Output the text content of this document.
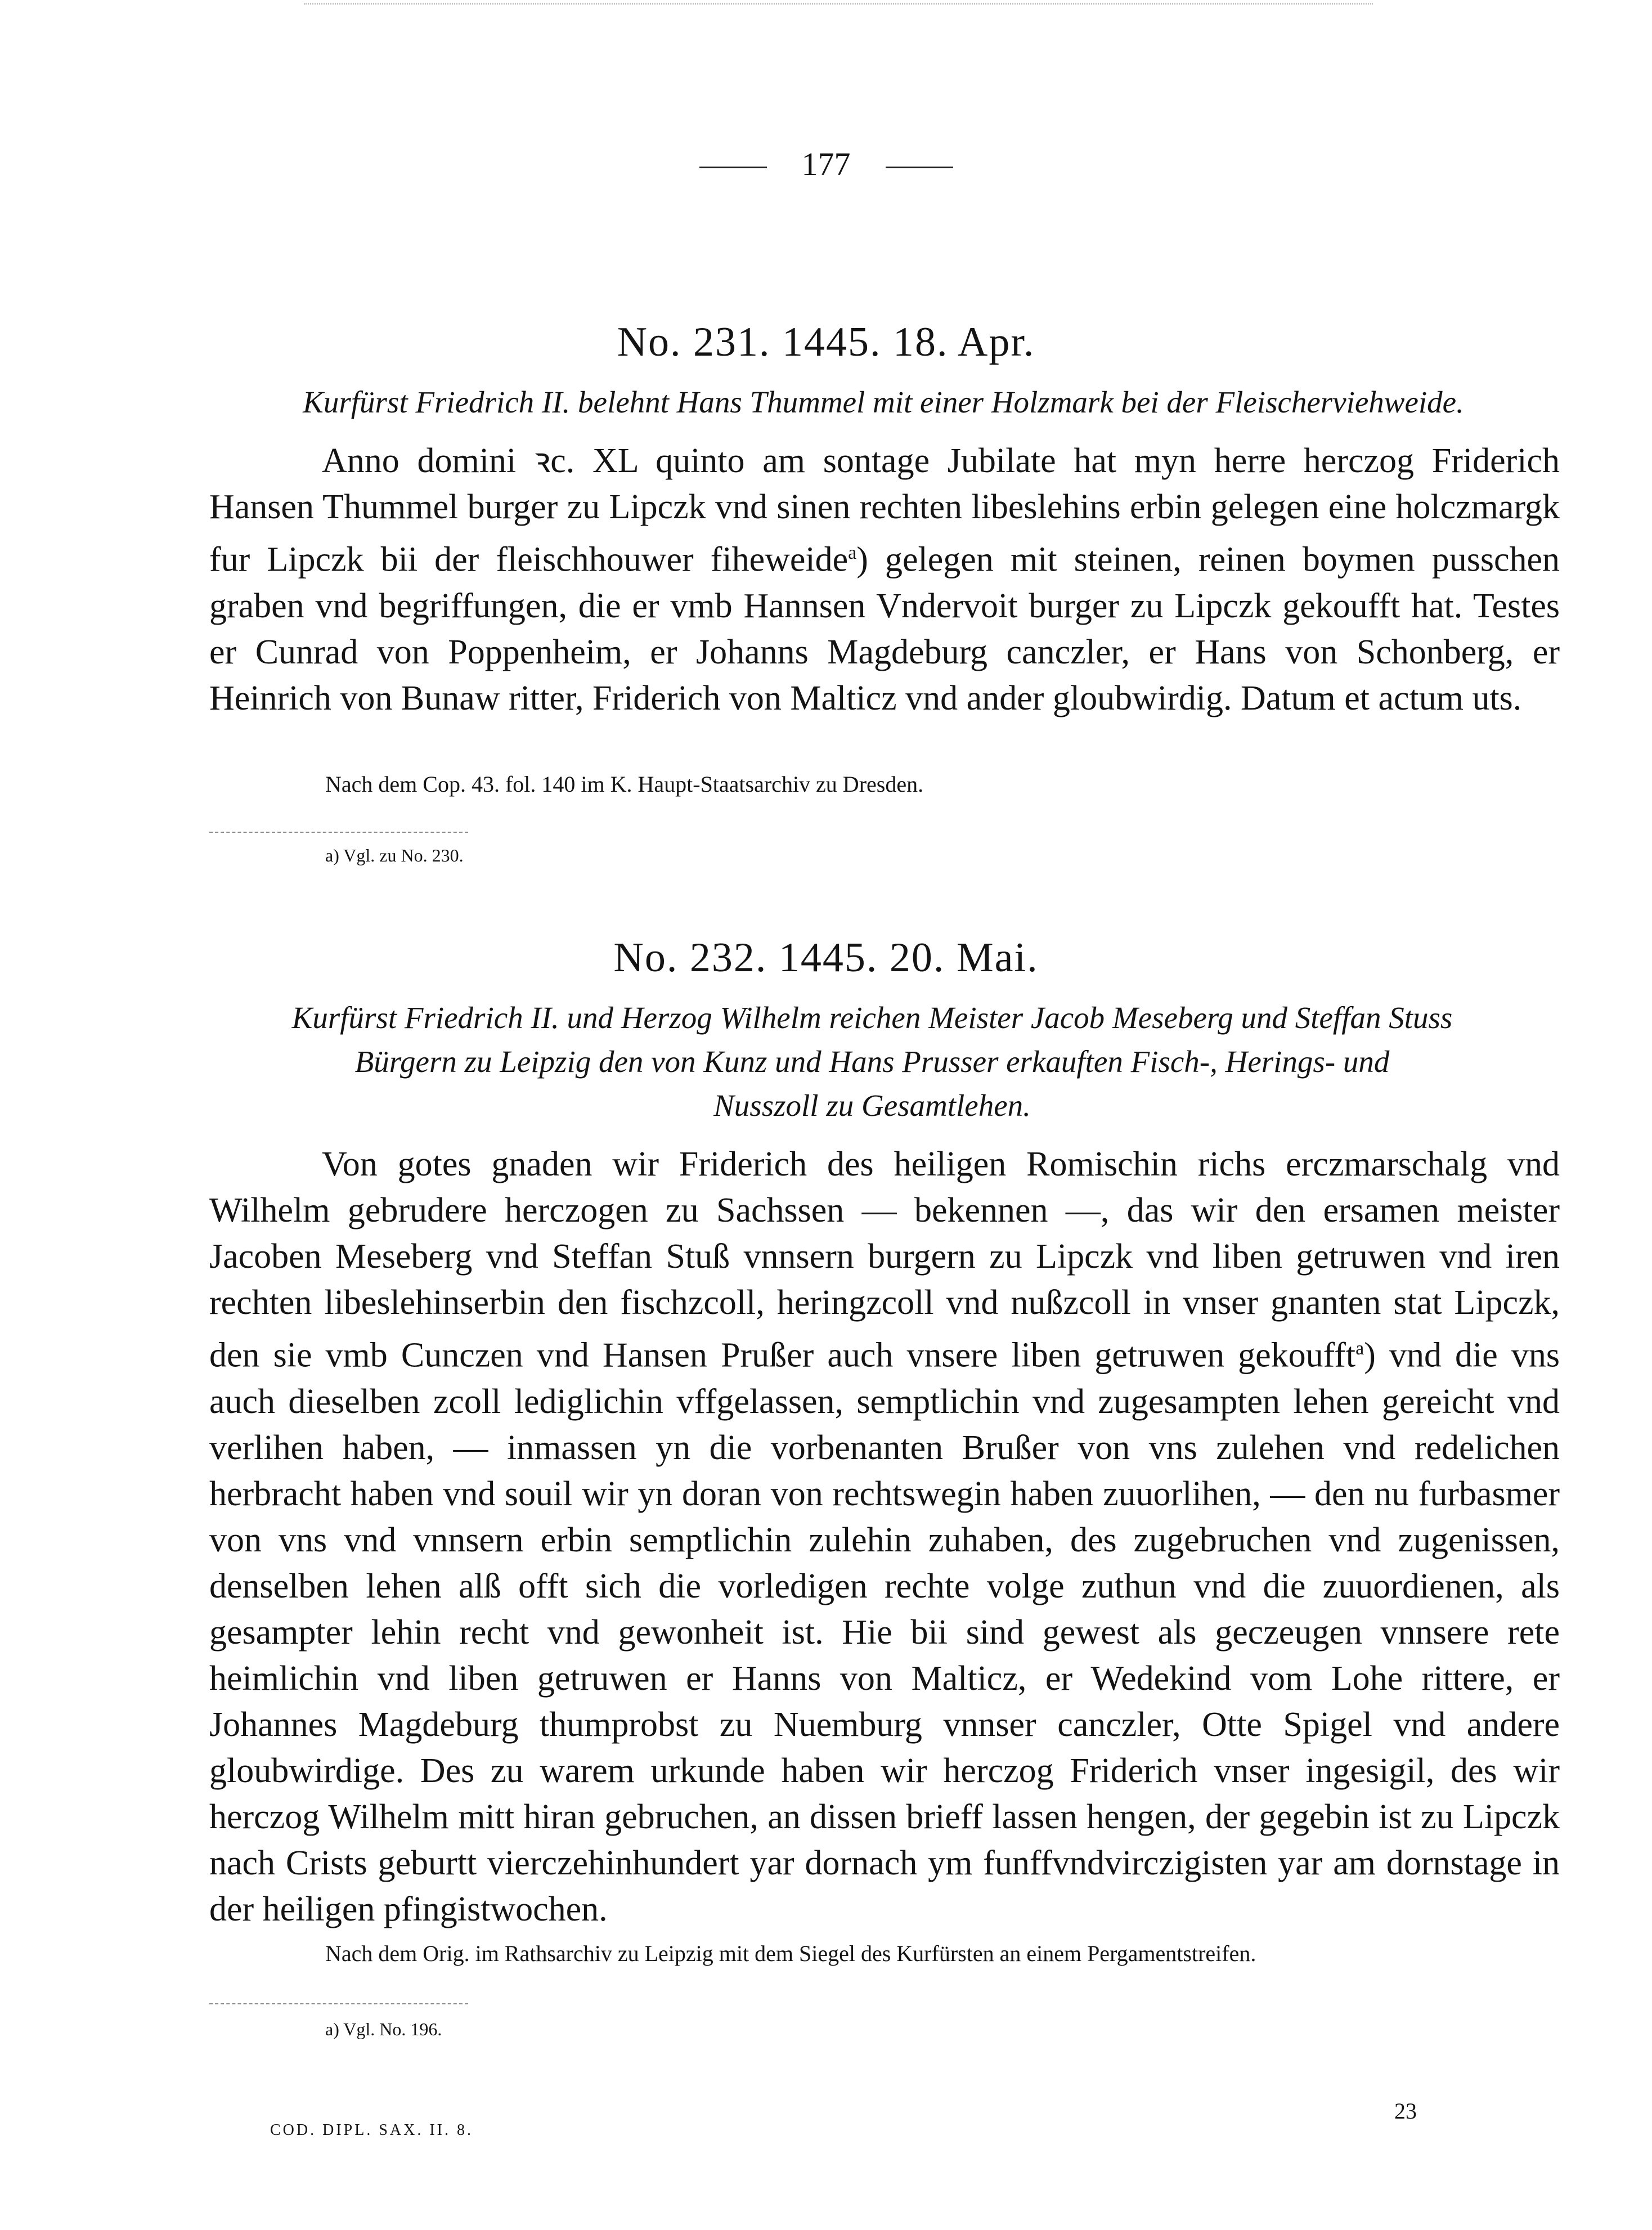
177
No. 231. 1445. 18. Apr.
Kurfürst Friedrich II. belehnt Hans Thummel mit einer Holzmark bei der Fleischerviehweide.
Anno domini ꝛc. XL quinto am sontage Jubilate hat myn herre herczog Friderich Hansen Thummel burger zu Lipczk vnd sinen rechten libeslehins erbin gelegen eine holczmargk fur Lipczk bii der fleischhouwer fiheweide$^a$) gelegen mit steinen, reinen boymen pusschen graben vnd begriffungen, die er vmb Hannsen Vndervoit burger zu Lipczk gekoufft hat. Testes er Cunrad von Poppenheim, er Johanns Magdeburg canczler, er Hans von Schonberg, er Heinrich von Bunaw ritter, Friderich von Malticz vnd ander gloubwirdig. Datum et actum uts.
Nach dem Cop. 43. fol. 140 im K. Haupt-Staatsarchiv zu Dresden.
a) Vgl. zu No. 230.
No. 232. 1445. 20. Mai.
Kurfürst Friedrich II. und Herzog Wilhelm reichen Meister Jacob Meseberg und Steffan Stuss
Bürgern zu Leipzig den von Kunz und Hans Prusser erkauften Fisch-, Herings- und
Nusszoll zu Gesamtlehen.
Von gotes gnaden wir Friderich des heiligen Romischin richs erczmarschalg vnd Wilhelm gebrudere herczogen zu Sachssen — bekennen —, das wir den ersamen meister Jacoben Meseberg vnd Steffan Stuß vnnsern burgern zu Lipczk vnd liben getruwen vnd iren rechten libeslehinserbin den fischzcoll, heringzcoll vnd nußzcoll in vnser gnanten stat Lipczk, den sie vmb Cunczen vnd Hansen Prußer auch vnsere liben getruwen gekoufft$^a$) vnd die vns auch dieselben zcoll lediglichin vffgelassen, semptlichin vnd zugesampten lehen gereicht vnd verlihen haben, — inmassen yn die vorbenanten Brußer von vns zulehen vnd redelichen herbracht haben vnd souil wir yn doran von rechtswegin haben zuuorlihen, — den nu furbasmer von vns vnd vnnsern erbin semptlichin zulehin zuhaben, des zugebruchen vnd zugenissen, denselben lehen alß offt sich die vorledigen rechte volge zuthun vnd die zuuordienen, als gesampter lehin recht vnd gewonheit ist. Hie bii sind gewest als geczeugen vnnsere rete heimlichin vnd liben getruwen er Hanns von Malticz, er Wedekind vom Lohe rittere, er Johannes Magdeburg thumprobst zu Nuemburg vnnser canczler, Otte Spigel vnd andere gloubwirdige. Des zu warem urkunde haben wir herczog Friderich vnser ingesigil, des wir herczog Wilhelm mitt hiran gebruchen, an dissen brieff lassen hengen, der gegebin ist zu Lipczk nach Crists geburtt vierczehinhundert yar dornach ym funffvndvirczigisten yar am dornstage in der heiligen pfingistwochen.
Nach dem Orig. im Rathsarchiv zu Leipzig mit dem Siegel des Kurfürsten an einem Pergamentstreifen.
a) Vgl. No. 196.
COD. DIPL. SAX. II. 8.
23
